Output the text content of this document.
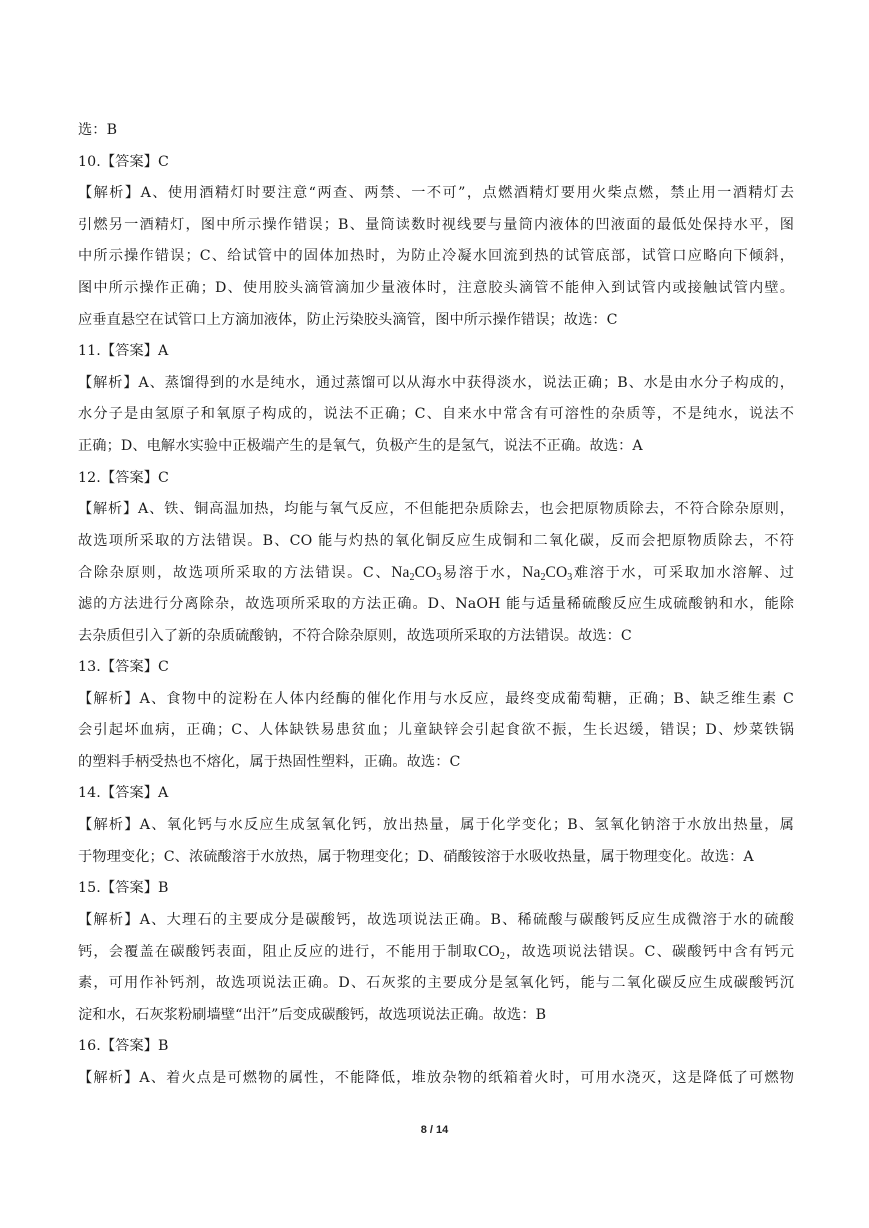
选：B
10.【答案】C
【解析】A、使用酒精灯时要注意“两查、两禁、一不可”，点燃酒精灯要用火柴点燃，禁止用一酒精灯去
引燃另一酒精灯，图中所示操作错误；B、量筒读数时视线要与量筒内液体的凹液面的最低处保持水平，图
中所示操作错误；C、给试管中的固体加热时，为防止冷凝水回流到热的试管底部，试管口应略向下倾斜，
图中所示操作正确；D、使用胶头滴管滴加少量液体时，注意胶头滴管不能伸入到试管内或接触试管内壁。
应垂直悬空在试管口上方滴加液体，防止污染胶头滴管，图中所示操作错误；故选：C
11.【答案】A
【解析】A、蒸馏得到的水是纯水，通过蒸馏可以从海水中获得淡水，说法正确；B、水是由水分子构成的，
水分子是由氢原子和氧原子构成的，说法不正确；C、自来水中常含有可溶性的杂质等，不是纯水，说法不
正确；D、电解水实验中正极端产生的是氧气，负极产生的是氢气，说法不正确。故选：A
12.【答案】C
【解析】A、铁、铜高温加热，均能与氧气反应，不但能把杂质除去，也会把原物质除去，不符合除杂原则，
故选项所采取的方法错误。B、CO 能与灼热的氧化铜反应生成铜和二氧化碳，反而会把原物质除去，不符
合除杂原则，故选项所采取的方法错误。C、$Na_2CO_3$易溶于水，$Na_2CO_3$难溶于水，可采取加水溶解、过
滤的方法进行分离除杂，故选项所采取的方法正确。D、NaOH 能与适量稀硫酸反应生成硫酸钠和水，能除
去杂质但引入了新的杂质硫酸钠，不符合除杂原则，故选项所采取的方法错误。故选：C
13.【答案】C
【解析】A、食物中的淀粉在人体内经酶的催化作用与水反应，最终变成葡萄糖，正确；B、缺乏维生素 C
会引起坏血病，正确；C、人体缺铁易患贫血；儿童缺锌会引起食欲不振，生长迟缓，错误；D、炒菜铁锅
的塑料手柄受热也不熔化，属于热固性塑料，正确。故选：C
14.【答案】A
【解析】A、氧化钙与水反应生成氢氧化钙，放出热量，属于化学变化；B、氢氧化钠溶于水放出热量，属
于物理变化；C、浓硫酸溶于水放热，属于物理变化；D、硝酸铵溶于水吸收热量，属于物理变化。故选：A
15.【答案】B
【解析】A、大理石的主要成分是碳酸钙，故选项说法正确。B、稀硫酸与碳酸钙反应生成微溶于水的硫酸
钙，会覆盖在碳酸钙表面，阻止反应的进行，不能用于制取$CO_2$，故选项说法错误。C、碳酸钙中含有钙元
素，可用作补钙剂，故选项说法正确。D、石灰浆的主要成分是氢氧化钙，能与二氧化碳反应生成碳酸钙沉
淀和水，石灰浆粉刷墙壁“出汗”后变成碳酸钙，故选项说法正确。故选：B
16.【答案】B
【解析】A、着火点是可燃物的属性，不能降低，堆放杂物的纸箱着火时，可用水浇灭，这是降低了可燃物
8 / 14
